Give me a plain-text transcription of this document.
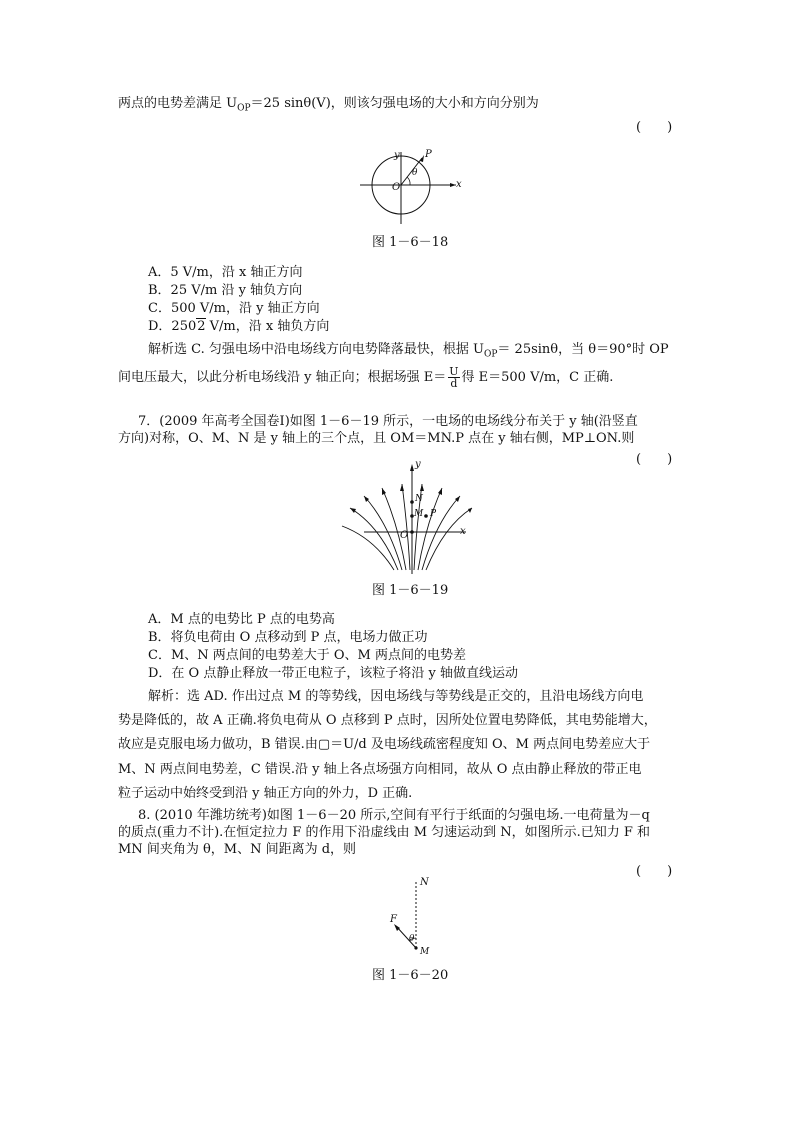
两点的电势差满足 $U_{OP}=25$ sinθ(V)，则该匀强电场的大小和方向分别为
(　　)
y
x
O
P
θ
图 1－6－18
A．5 V/m，沿 x 轴正方向
B．25 V/m 沿 y 轴负方向
C．500 V/m，沿 y 轴正方向
D．2502 V/m，沿 x 轴负方向
解析选 C. 匀强电场中沿电场线方向电势降落最快，根据 $U_{OP}= 25\sin\theta$，当 θ＝90°时 OP
间电压最大，以此分析电场线沿 y 轴正向；根据场强 $E= \frac{U}{d}$ 得 E＝500 V/m，C 正确.
7．(2009 年高考全国卷Ⅰ)如图 1－6－19 所示，一电场的电场线分布关于 y 轴(沿竖直
方向)对称，O、M、N 是 y 轴上的三个点，且 OM＝MN.P 点在 y 轴右侧，MP⊥ON.则
(　　)
y
x
O
N
M P
图 1－6－19
A．M 点的电势比 P 点的电势高
B．将负电荷由 O 点移动到 P 点，电场力做正功
C．M、N 两点间的电势差大于 O、M 两点间的电势差
D．在 O 点静止释放一带正电粒子，该粒子将沿 y 轴做直线运动
解析：选 AD. 作出过点 M 的等势线，因电场线与等势线是正交的，且沿电场线方向电
势是降低的，故 A 正确.将负电荷从 O 点移到 P 点时，因所处位置电势降低，其电势能增大，
故应是克服电场力做功，B 错误.由▢＝U/d 及电场线疏密程度知 O、M 两点间电势差应大于
M、N 两点间电势差，C 错误.沿 y 轴上各点场强方向相同，故从 O 点由静止释放的带正电
粒子运动中始终受到沿 y 轴正方向的外力，D 正确.
8. (2010 年潍坊统考)如图 1－6－20 所示,空间有平行于纸面的匀强电场.一电荷量为－q
的质点(重力不计).在恒定拉力 F 的作用下沿虚线由 M 匀速运动到 N，如图所示.已知力 F 和
MN 间夹角为 θ，M、N 间距离为 d，则
(　　)
N
M
F
θ
图 1－6－20
